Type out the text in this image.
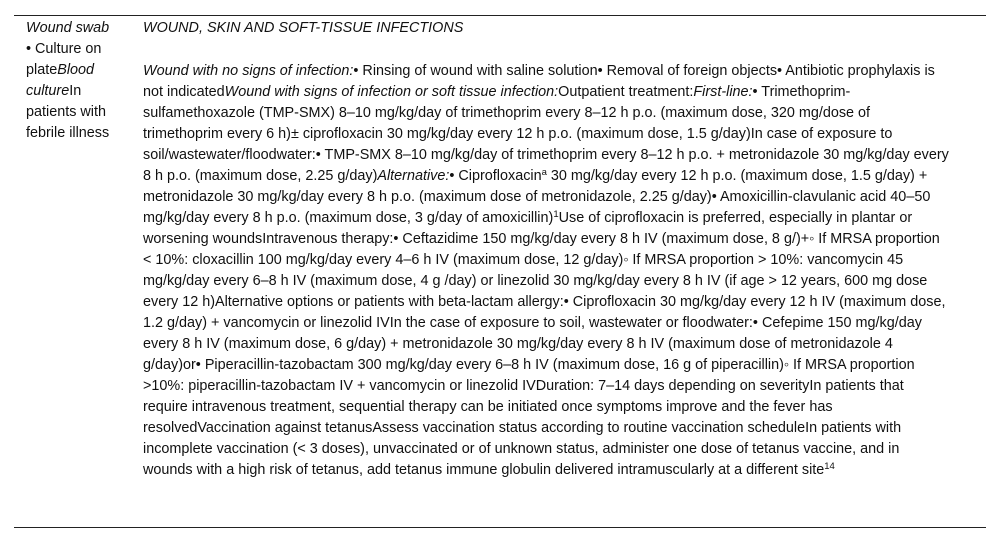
Wound swab

• Culture on plateBlood cultureIn patients with febrile illness

WOUND, SKIN AND SOFT-TISSUE INFECTIONS

Wound with no signs of infection:• Rinsing of wound with saline solution• Removal of foreign objects• Antibiotic prophylaxis is not indicatedWound with signs of infection or soft tissue infection:Outpatient treatment:First-line:• Trimethoprim-sulfamethoxazole (TMP-SMX) 8–10 mg/kg/day of trimethoprim every 8–12 h p.o. (maximum dose, 320 mg/dose of trimethoprim every 6 h)± ciprofloxacin 30 mg/kg/day every 12 h p.o. (maximum dose, 1.5 g/day)In case of exposure to soil/wastewater/floodwater:• TMP-SMX 8–10 mg/kg/day of trimethoprim every 8–12 h p.o. + metronidazole 30 mg/kg/day every 8 h p.o. (maximum dose, 2.25 g/day)Alternative:• Ciprofloxacin$^a$ 30 mg/kg/day every 12 h p.o. (maximum dose, 1.5 g/day) + metronidazole 30 mg/kg/day every 8 h p.o. (maximum dose of metronidazole, 2.25 g/day)• Amoxicillin-clavulanic acid 40–50 mg/kg/day every 8 h p.o. (maximum dose, 3 g/day of amoxicillin)$^1$Use of ciprofloxacin is preferred, especially in plantar or worsening woundsIntravenous therapy:• Ceftazidime 150 mg/kg/day every 8 h IV (maximum dose, 8 g/)+◦ If MRSA proportion < 10%: cloxacillin 100 mg/kg/day every 4–6 h IV (maximum dose, 12 g/day)◦ If MRSA proportion > 10%: vancomycin 45 mg/kg/day every 6–8 h IV (maximum dose, 4 g /day) or linezolid 30 mg/kg/day every 8 h IV (if age > 12 years, 600 mg dose every 12 h)Alternative options or patients with beta-lactam allergy:• Ciprofloxacin 30 mg/kg/day every 12 h IV (maximum dose, 1.2 g/day) + vancomycin or linezolid IVIn the case of exposure to soil, wastewater or floodwater:• Cefepime 150 mg/kg/day every 8 h IV (maximum dose, 6 g/day) + metronidazole 30 mg/kg/day every 8 h IV (maximum dose of metronidazole 4 g/day)or• Piperacillin-tazobactam 300 mg/kg/day every 6–8 h IV (maximum dose, 16 g of piperacillin)◦ If MRSA proportion >10%: piperacillin-tazobactam IV + vancomycin or linezolid IVDuration: 7–14 days depending on severityIn patients that require intravenous treatment, sequential therapy can be initiated once symptoms improve and the fever has resolvedVaccination against tetanusAssess vaccination status according to routine vaccination scheduleIn patients with incomplete vaccination (< 3 doses), unvaccinated or of unknown status, administer one dose of tetanus vaccine, and in wounds with a high risk of tetanus, add tetanus immune globulin delivered intramuscularly at a different site$^{14}$
